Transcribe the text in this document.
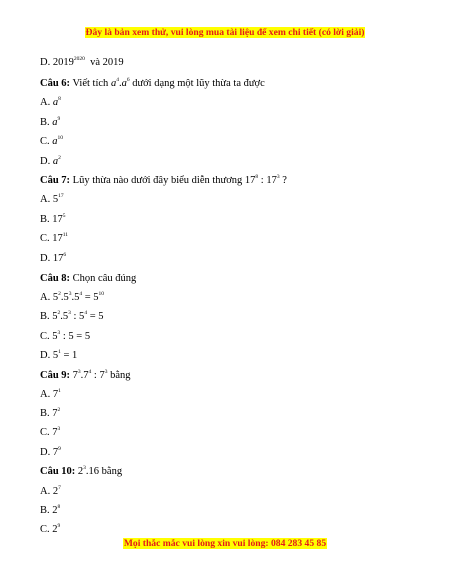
Đây là bản xem thử, vui lòng mua tài liệu để xem chi tiết (có lời giải)
D. $2019^{2020}$ và 2019
Câu 6: Viết tích $a^4.a^6$ dưới dạng một lũy thừa ta được
A. $a^8$
B. $a^9$
C. $a^{10}$
D. $a^2$
Câu 7: Lũy thừa nào dưới đây biểu diễn thương $17^8$ : $17^3$ ?
A. $5^{17}$
B. $17^5$
C. $17^{11}$
D. $17^6$
Câu 8: Chọn câu đúng
A. $5^2.5^3.5^4 = 5^{10}$
B. $5^2.5^3$ : $5^4 = 5$
C. $5^3$ : 5 = 5
D. $5^1 = 1$
Câu 9: $7^3.7^4$ : $7^3$ bằng
A. $7^1$
B. $7^2$
C. $7^3$
D. $7^9$
Câu 10: $2^3.16$ bằng
A. $2^7$
B. $2^8$
C. $2^9$
Mọi thắc mắc vui lòng xin vui lòng: 084 283 45 85
